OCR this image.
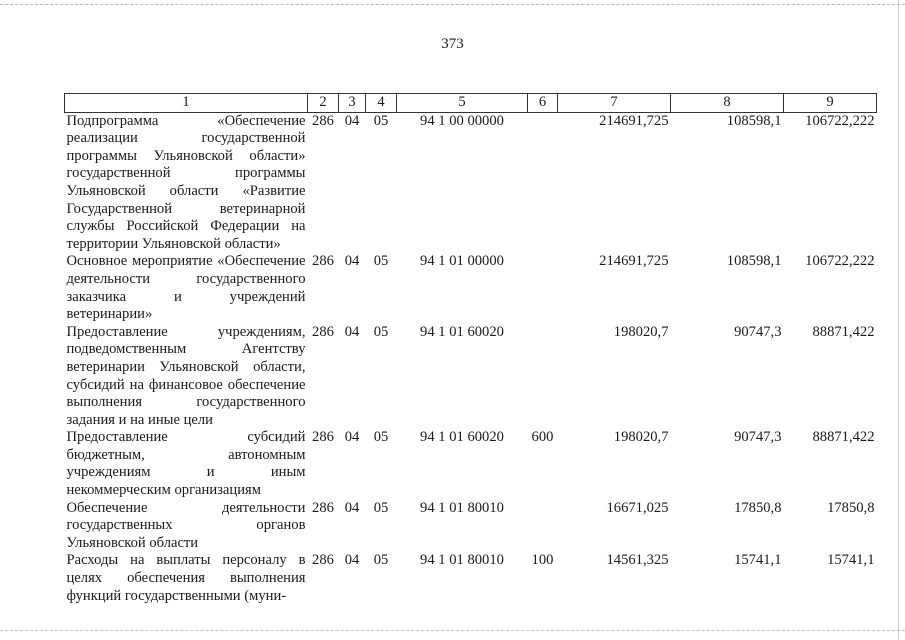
373
1	2	3	4	5	6	7	8	9
Подпрограмма «Обеспечение реализации государственной программы Ульяновской области» государственной программы Ульяновской области «Развитие Государственной ветеринарной службы Российской Федерации на территории Ульяновской области»	286	04	05	94 1 00 00000		214691,725	108598,1	106722,222
Основное мероприятие «Обеспечение деятельности государственного заказчика и учреждений ветеринарии»	286	04	05	94 1 01 00000		214691,725	108598,1	106722,222
Предоставление учреждениям, подведомственным Агентству ветеринарии Ульяновской области, субсидий на финансовое обеспечение выполнения государственного задания и на иные цели	286	04	05	94 1 01 60020		198020,7	90747,3	88871,422
Предоставление субсидий бюджетным, автономным учреждениям и иным некоммерческим организациям	286	04	05	94 1 01 60020	600	198020,7	90747,3	88871,422
Обеспечение деятельности государственных органов Ульяновской области	286	04	05	94 1 01 80010		16671,025	17850,8	17850,8
Расходы на выплаты персоналу в целях обеспечения выполнения функций государственными (муни-	286	04	05	94 1 01 80010	100	14561,325	15741,1	15741,1
